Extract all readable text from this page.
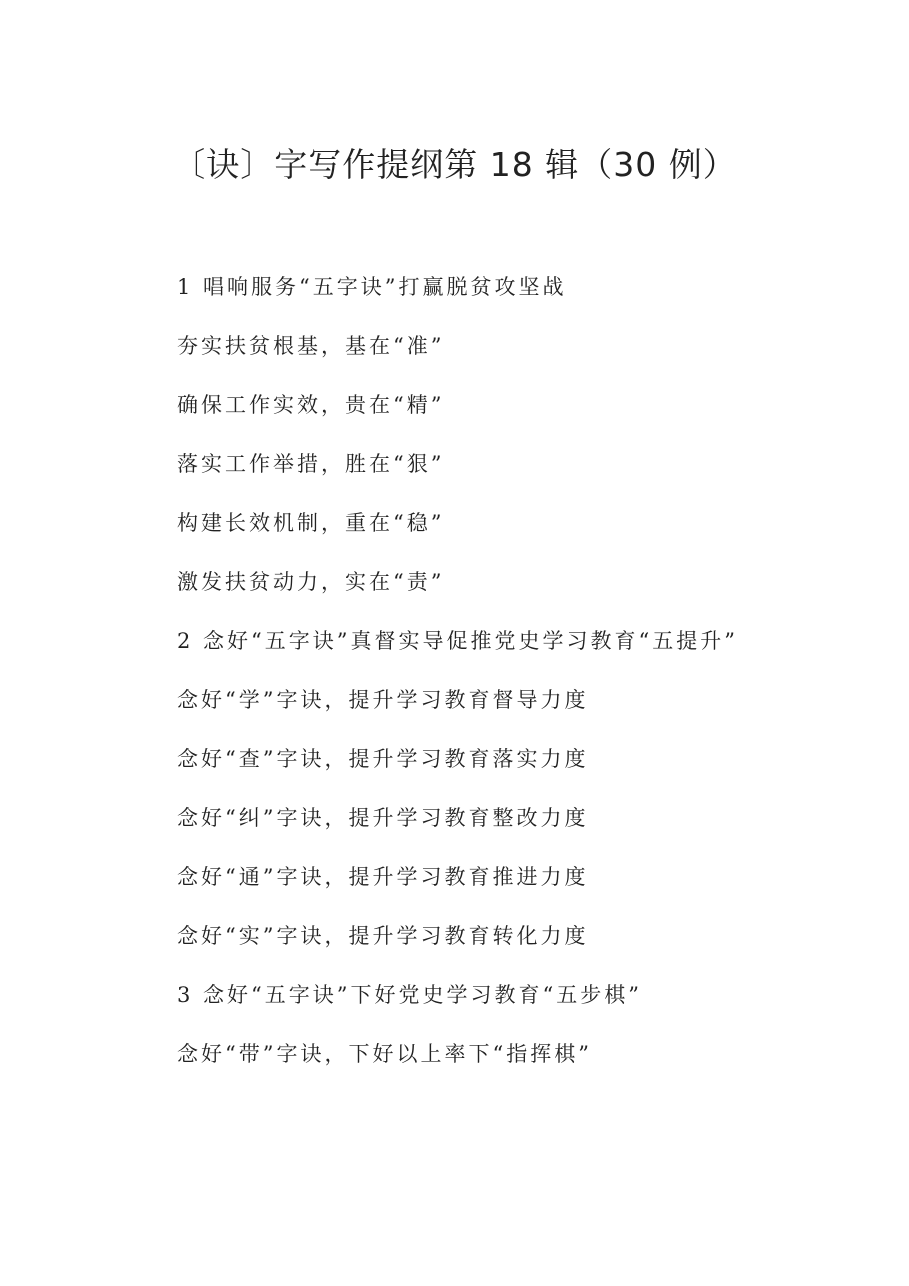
〔诀〕字写作提纲第 18 辑（30 例）

1 唱响服务“五字诀”打赢脱贫攻坚战

夯实扶贫根基，基在“准”

确保工作实效，贵在“精”

落实工作举措，胜在“狠”

构建长效机制，重在“稳”

激发扶贫动力，实在“责”

2 念好“五字诀”真督实导促推党史学习教育“五提升”

念好“学”字诀，提升学习教育督导力度

念好“查”字诀，提升学习教育落实力度

念好“纠”字诀，提升学习教育整改力度

念好“通”字诀，提升学习教育推进力度

念好“实”字诀，提升学习教育转化力度

3 念好“五字诀”下好党史学习教育“五步棋”

念好“带”字诀，下好以上率下“指挥棋”
